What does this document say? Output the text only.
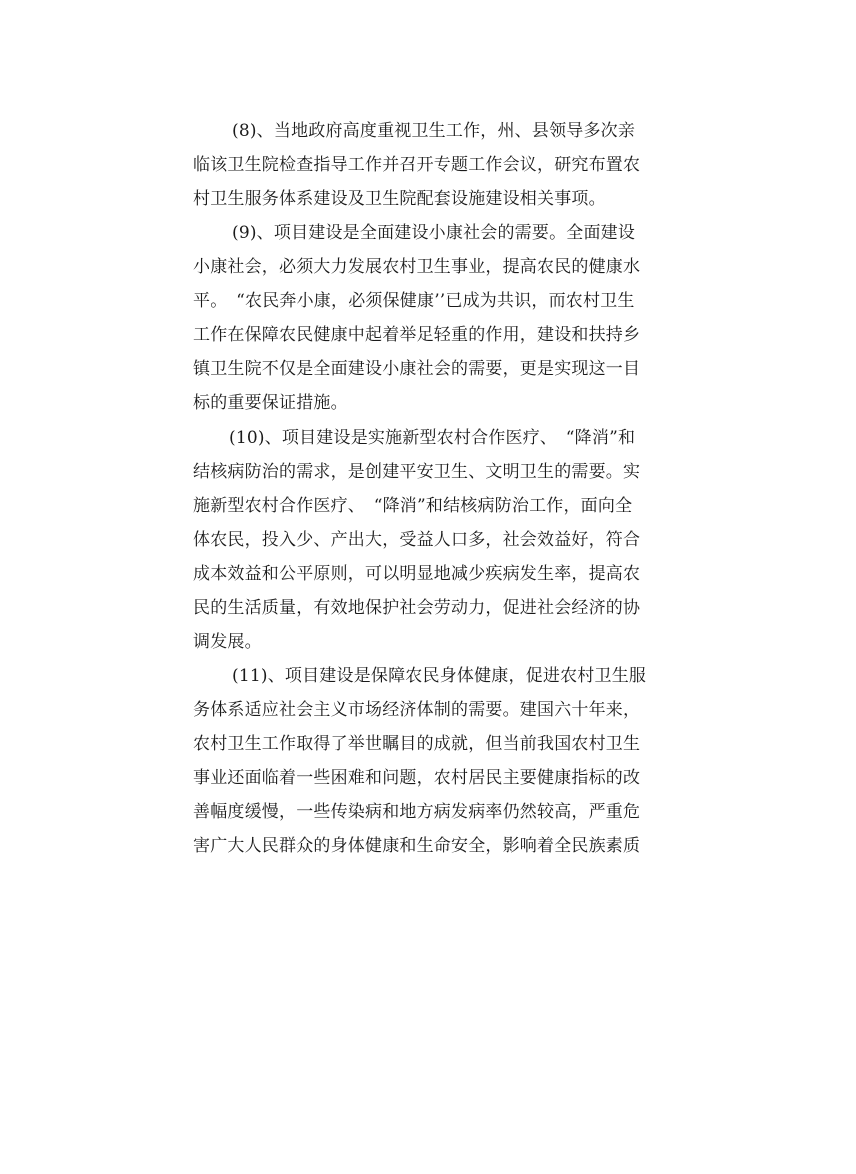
(8)、当地政府高度重视卫生工作，州、县领导多次亲
临该卫生院检查指导工作并召开专题工作会议，研究布置农
村卫生服务体系建设及卫生院配套设施建设相关事项。
(9)、项目建设是全面建设小康社会的需要。全面建设
小康社会，必须大力发展农村卫生事业，提高农民的健康水
平。　“农民奔小康，必须保健康’’已成为共识，而农村卫生
工作在保障农民健康中起着举足轻重的作用，建设和扶持乡
镇卫生院不仅是全面建设小康社会的需要，更是实现这一目
标的重要保证措施。
(10)、项目建设是实施新型农村合作医疗、　“降消”和
结核病防治的需求，是创建平安卫生、文明卫生的需要。实
施新型农村合作医疗、　“降消”和结核病防治工作，面向全
体农民，投入少、产出大，受益人口多，社会效益好，符合
成本效益和公平原则，可以明显地减少疾病发生率，提高农
民的生活质量，有效地保护社会劳动力，促进社会经济的协
调发展。
(11)、项目建设是保障农民身体健康，促进农村卫生服
务体系适应社会主义市场经济体制的需要。建国六十年来，
农村卫生工作取得了举世瞩目的成就，但当前我国农村卫生
事业还面临着一些困难和问题，农村居民主要健康指标的改
善幅度缓慢，一些传染病和地方病发病率仍然较高，严重危
害广大人民群众的身体健康和生命安全，影响着全民族素质
